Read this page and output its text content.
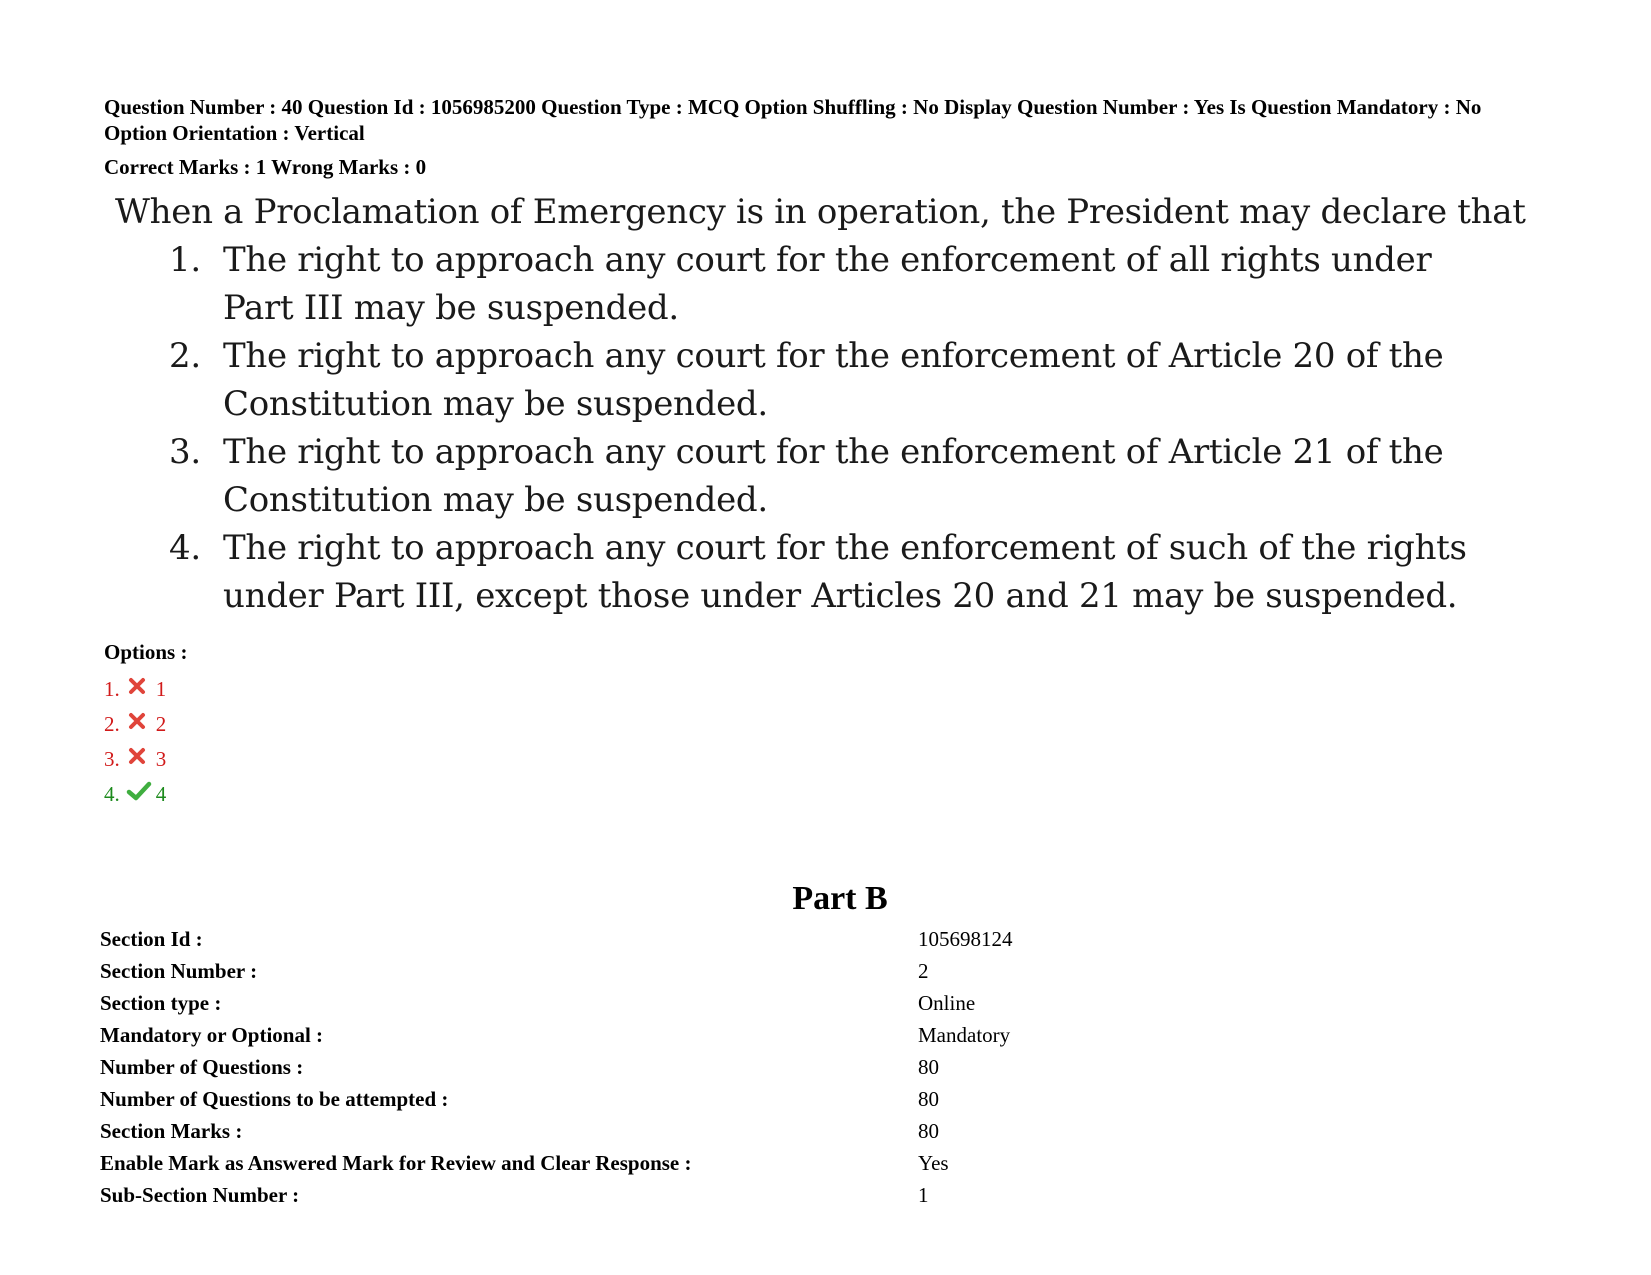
Question Number : 40 Question Id : 1056985200 Question Type : MCQ Option Shuffling : No Display Question Number : Yes Is Question Mandatory : No Option Orientation : Vertical
Correct Marks : 1 Wrong Marks : 0
When a Proclamation of Emergency is in operation, the President may declare that
1. The right to approach any court for the enforcement of all rights under Part III may be suspended.
2. The right to approach any court for the enforcement of Article 20 of the Constitution may be suspended.
3. The right to approach any court for the enforcement of Article 21 of the Constitution may be suspended.
4. The right to approach any court for the enforcement of such of the rights under Part III, except those under Articles 20 and 21 may be suspended.
Options :
1. 1
2. 2
3. 3
4. 4
Part B
Section Id :	105698124
Section Number :	2
Section type :	Online
Mandatory or Optional :	Mandatory
Number of Questions :	80
Number of Questions to be attempted :	80
Section Marks :	80
Enable Mark as Answered Mark for Review and Clear Response :	Yes
Sub-Section Number :	1
